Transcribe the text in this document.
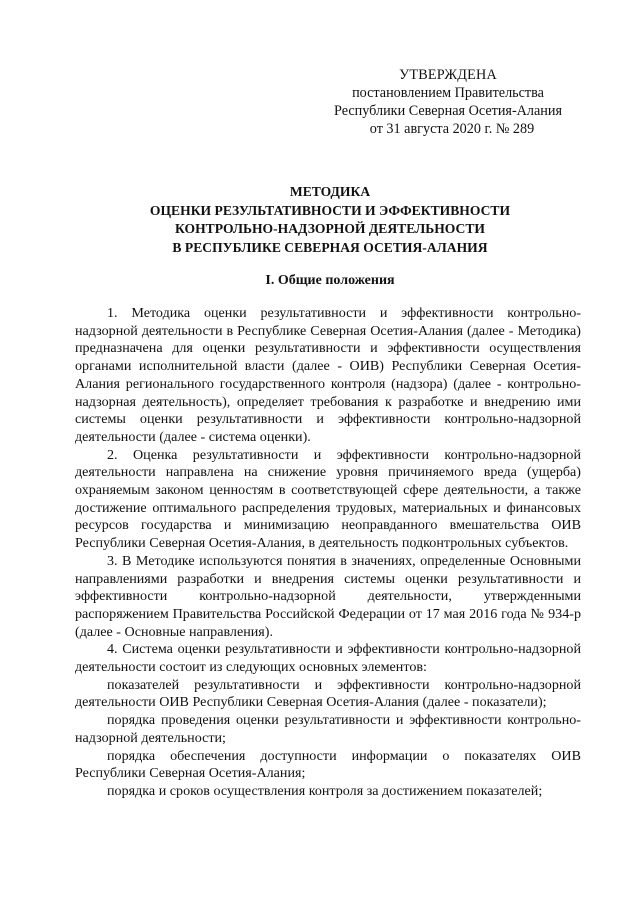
УТВЕРЖДЕНА
постановлением Правительства
Республики Северная Осетия-Алания
от 31 августа 2020 г. № 289
МЕТОДИКА
ОЦЕНКИ РЕЗУЛЬТАТИВНОСТИ И ЭФФЕКТИВНОСТИ
КОНТРОЛЬНО-НАДЗОРНОЙ ДЕЯТЕЛЬНОСТИ
В РЕСПУБЛИКЕ СЕВЕРНАЯ ОСЕТИЯ-АЛАНИЯ
I. Общие положения

1. Методика оценки результативности и эффективности контрольно-надзорной деятельности в Республике Северная Осетия-Алания (далее - Методика) предназначена для оценки результативности и эффективности осуществления органами исполнительной власти (далее - ОИВ) Республики Северная Осетия-Алания регионального государственного контроля (надзора) (далее - контрольно-надзорная деятельность), определяет требования к разработке и внедрению ими системы оценки результативности и эффективности контрольно-надзорной деятельности (далее - система оценки).

2. Оценка результативности и эффективности контрольно-надзорной деятельности направлена на снижение уровня причиняемого вреда (ущерба) охраняемым законом ценностям в соответствующей сфере деятельности, а также достижение оптимального распределения трудовых, материальных и финансовых ресурсов государства и минимизацию неоправданного вмешательства ОИВ Республики Северная Осетия-Алания, в деятельность подконтрольных субъектов.

3. В Методике используются понятия в значениях, определенные Основными направлениями разработки и внедрения системы оценки результативности и эффективности контрольно-надзорной деятельности, утвержденными распоряжением Правительства Российской Федерации от 17 мая 2016 года № 934-р (далее - Основные направления).

4. Система оценки результативности и эффективности контрольно-надзорной деятельности состоит из следующих основных элементов:

показателей результативности и эффективности контрольно-надзорной деятельности ОИВ Республики Северная Осетия-Алания (далее - показатели);

порядка проведения оценки результативности и эффективности контрольно-надзорной деятельности;

порядка обеспечения доступности информации о показателях ОИВ Республики Северная Осетия-Алания;

порядка и сроков осуществления контроля за достижением показателей;
